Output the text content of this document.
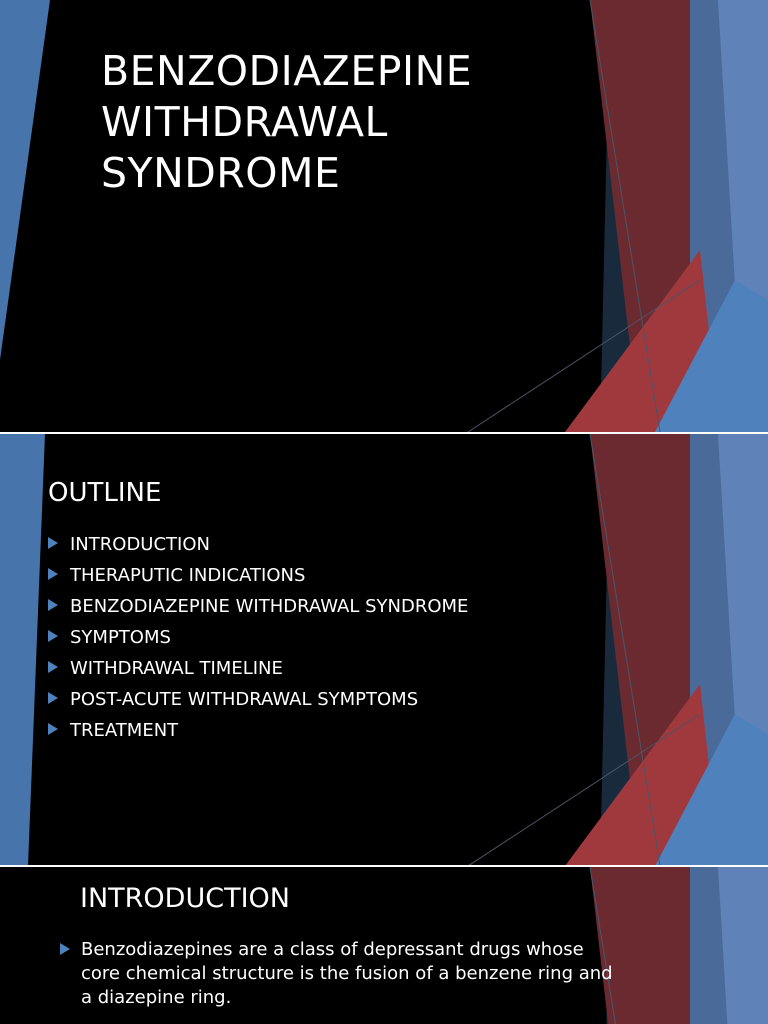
BENZODIAZEPINE WITHDRAWAL SYNDROME
OUTLINE
INTRODUCTION
THERAPUTIC INDICATIONS
BENZODIAZEPINE WITHDRAWAL SYNDROME
SYMPTOMS
WITHDRAWAL TIMELINE
POST-ACUTE WITHDRAWAL SYMPTOMS
TREATMENT
INTRODUCTION
Benzodiazepines are a class of depressant drugs whose core chemical structure is the fusion of a benzene ring and a diazepine ring.
